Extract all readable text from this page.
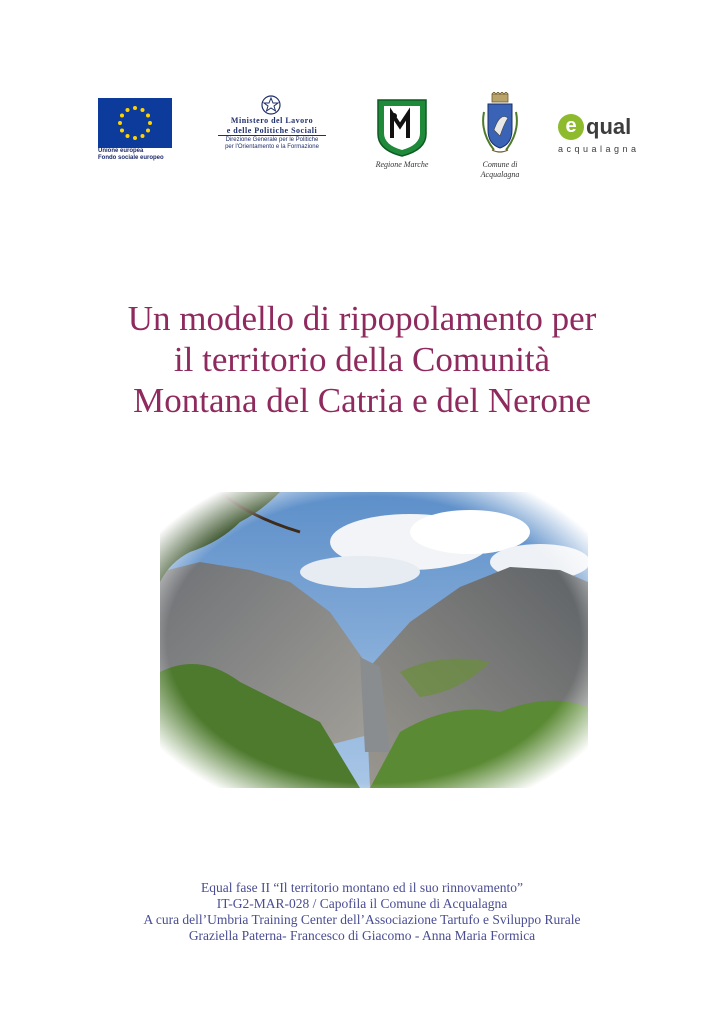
Unione europea
Fondo sociale europeo
Ministero del Lavoro
e delle Politiche Sociali
Direzione Generale per le Politiche
per l'Orientamento e la Formazione
Regione Marche	Comune di
Acqualagna
e qual
acqualagna
Un modello di ripopolamento per
il territorio della Comunità
Montana del Catria e del Nerone
Equal fase II “Il territorio montano ed il suo rinnovamento”
IT-G2-MAR-028 / Capofila il Comune di Acqualagna
A cura dell’Umbria Training Center dell’Associazione Tartufo e Sviluppo Rurale
Graziella Paterna- Francesco di Giacomo - Anna Maria Formica
